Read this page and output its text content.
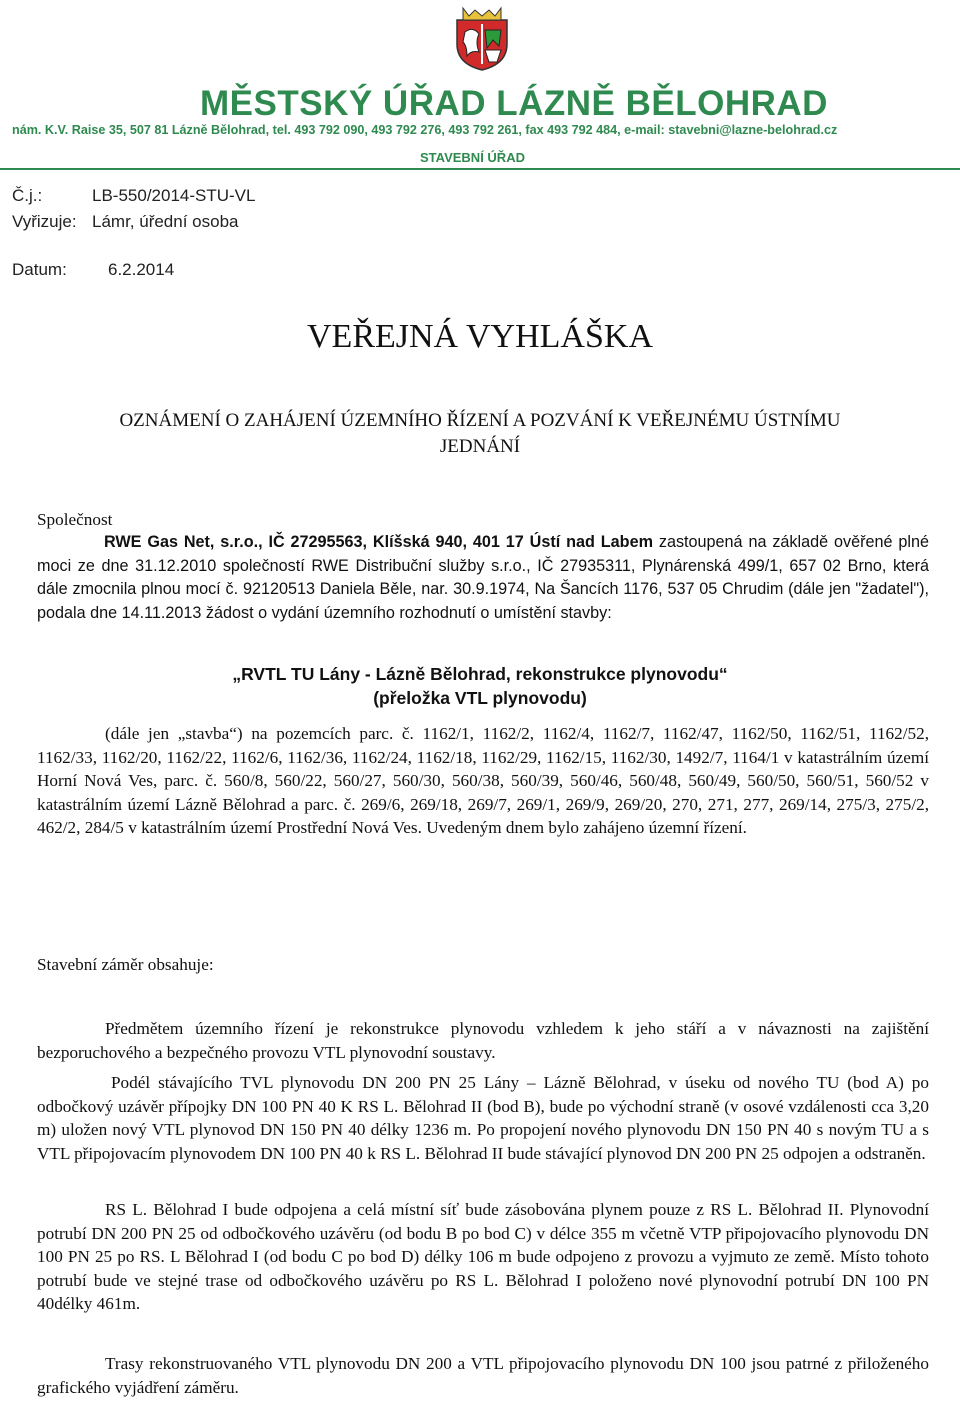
MĚSTSKÝ ÚŘAD LÁZNĚ BĚLOHRAD
nám. K.V. Raise 35, 507 81 Lázně Bělohrad, tel. 493 792 090, 493 792 276, 493 792 261, fax 493 792 484, e-mail: stavebni@lazne-belohrad.cz
STAVEBNÍ ÚŘAD
Č.j.:	LB-550/2014-STU-VL
Vyřizuje: Lámr, úřední osoba
Datum: 6.2.2014
VEŘEJNÁ VYHLÁŠKA
OZNÁMENÍ O ZAHÁJENÍ ÚZEMNÍHO ŘÍZENÍ A POZVÁNÍ K VEŘEJNÉMU ÚSTNÍMU
JEDNÁNÍ
Společnost
RWE Gas Net, s.r.o., IČ 27295563, Klíšská 940, 401 17 Ústí nad Labem zastoupená na základě ověřené plné moci ze dne 31.12.2010 společností RWE Distribuční služby s.r.o., IČ 27935311, Plynárenská 499/1, 657 02 Brno, která dále zmocnila plnou mocí č. 92120513 Daniela Běle, nar. 30.9.1974, Na Šancích 1176, 537 05 Chrudim (dále jen "žadatel"), podala dne 14.11.2013 žádost o vydání územního rozhodnutí o umístění stavby:
„RVTL TU Lány - Lázně Bělohrad, rekonstrukce plynovodu“
(přeložka VTL plynovodu)
(dále jen „stavba“) na pozemcích parc. č. 1162/1, 1162/2, 1162/4, 1162/7, 1162/47, 1162/50, 1162/51, 1162/52, 1162/33, 1162/20, 1162/22, 1162/6, 1162/36, 1162/24, 1162/18, 1162/29, 1162/15, 1162/30, 1492/7, 1164/1 v katastrálním území Horní Nová Ves, parc. č. 560/8, 560/22, 560/27, 560/30, 560/38, 560/39, 560/46, 560/48, 560/49, 560/50, 560/51, 560/52 v katastrálním území Lázně Bělohrad a parc. č. 269/6, 269/18, 269/7, 269/1, 269/9, 269/20, 270, 271, 277, 269/14, 275/3, 275/2, 462/2, 284/5 v katastrálním území Prostřední Nová Ves. Uvedeným dnem bylo zahájeno územní řízení.
Stavební záměr obsahuje:
Předmětem územního řízení je rekonstrukce plynovodu vzhledem k jeho stáří a v návaznosti na zajištění bezporuchového a bezpečného provozu VTL plynovodní soustavy.
Podél stávajícího TVL plynovodu DN 200 PN 25 Lány – Lázně Bělohrad, v úseku od nového TU (bod A) po odbočkový uzávěr přípojky DN 100 PN 40 K RS L. Bělohrad II (bod B), bude po východní straně (v osové vzdálenosti cca 3,20 m) uložen nový VTL plynovod DN 150 PN 40 délky 1236 m. Po propojení nového plynovodu DN 150 PN 40 s novým TU a s VTL připojovacím plynovodem DN 100 PN 40 k RS L. Bělohrad II bude stávající plynovod DN 200 PN 25 odpojen a odstraněn.
RS L. Bělohrad I bude odpojena a celá místní síť bude zásobována plynem pouze z RS L. Bělohrad II. Plynovodní potrubí DN 200 PN 25 od odbočkového uzávěru (od bodu B po bod C) v délce 355 m včetně VTP připojovacího plynovodu DN 100 PN 25 po RS. L Bělohrad I (od bodu C po bod D) délky 106 m bude odpojeno z provozu a vyjmuto ze země. Místo tohoto potrubí bude ve stejné trase od odbočkového uzávěru po RS L. Bělohrad I položeno nové plynovodní potrubí DN 100 PN 40délky 461m.
Trasy rekonstruovaného VTL plynovodu DN 200 a VTL připojovacího plynovodu DN 100 jsou patrné z přiloženého grafického vyjádření záměru.
